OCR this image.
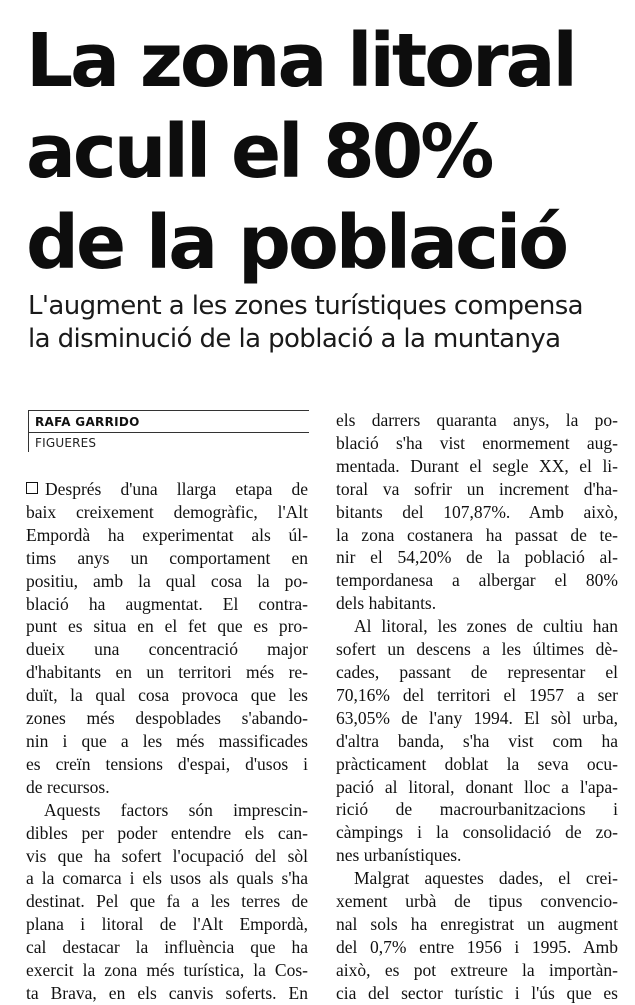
La zona litoral
acull el 80%
de la població
L'augment a les zones turístiques compensa
la disminució de la població a la muntanya
RAFA GARRIDO
FIGUERES
Després d'una llarga etapa de
baix creixement demogràfic, l'Alt
Empordà ha experimentat als úl-
tims anys un comportament en
positiu, amb la qual cosa la po-
blació ha augmentat. El contra-
punt es situa en el fet que es pro-
dueix una concentració major
d'habitants en un territori més re-
duït, la qual cosa provoca que les
zones més despoblades s'abando-
nin i que a les més massificades
es creïn tensions d'espai, d'usos i
de recursos.
Aquests factors són imprescin-
dibles per poder entendre els can-
vis que ha sofert l'ocupació del sòl
a la comarca i els usos als quals s'ha
destinat. Pel que fa a les terres de
plana i litoral de l'Alt Empordà,
cal destacar la influència que ha
exercit la zona més turística, la Cos-
ta Brava, en els canvis soferts. En
els darrers quaranta anys, la po-
blació s'ha vist enormement aug-
mentada. Durant el segle XX, el li-
toral va sofrir un increment d'ha-
bitants del 107,87%. Amb això,
la zona costanera ha passat de te-
nir el 54,20% de la població al-
tempordanesa a albergar el 80%
dels habitants.
Al litoral, les zones de cultiu han
sofert un descens a les últimes dè-
cades, passant de representar el
70,16% del territori el 1957 a ser
63,05% de l'any 1994. El sòl urba,
d'altra banda, s'ha vist com ha
pràcticament doblat la seva ocu-
pació al litoral, donant lloc a l'apa-
rició de macrourbanitzacions i
càmpings i la consolidació de zo-
nes urbanístiques.
Malgrat aquestes dades, el crei-
xement urbà de tipus convencio-
nal sols ha enregistrat un augment
del 0,7% entre 1956 i 1995. Amb
això, es pot extreure la importàn-
cia del sector turístic i l'ús que es
